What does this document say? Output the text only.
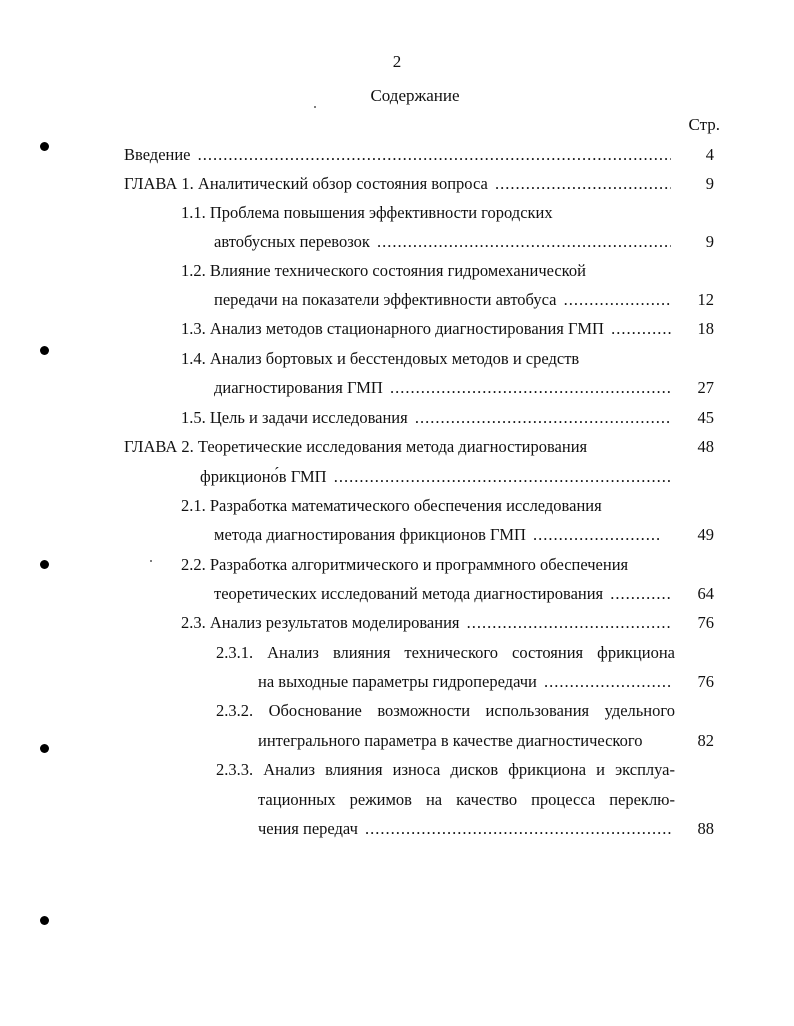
2
Содержание
Стр.
Введение .....	4
ГЛАВА 1. Аналитический обзор состояния вопроса .....	9
1.1. Проблема повышения эффективности городских
автобусных перевозок .....	9
1.2. Влияние технического состояния гидромеханической
передачи на показатели эффективности автобуса .....	12
1.3. Анализ методов стационарного диагностирования ГМП .....	18
1.4. Анализ бортовых и бесстендовых методов и средств
диагностирования ГМП .....	27
1.5. Цель и задачи исследования .....	45
ГЛАВА 2. Теоретические исследования метода диагностирования	48
фрикционо́в ГМП .....
2.1. Разработка математического обеспечения исследования
метода диагностирования фрикционов ГМП .....	49
2.2. Разработка алгоритмического и программного обеспечения
теоретических исследований метода диагностирования .....	64
2.3. Анализ результатов моделирования .....	76
2.3.1. Анализ влияния технического состояния фрикциона
на выходные параметры гидропередачи .....	76
2.3.2. Обоснование возможности использования удельного
интегрального параметра в качестве диагностического	82
2.3.3. Анализ влияния износа дисков фрикциона и эксплуа-
тационных режимов на качество процесса переклю-
чения передач .....	88
